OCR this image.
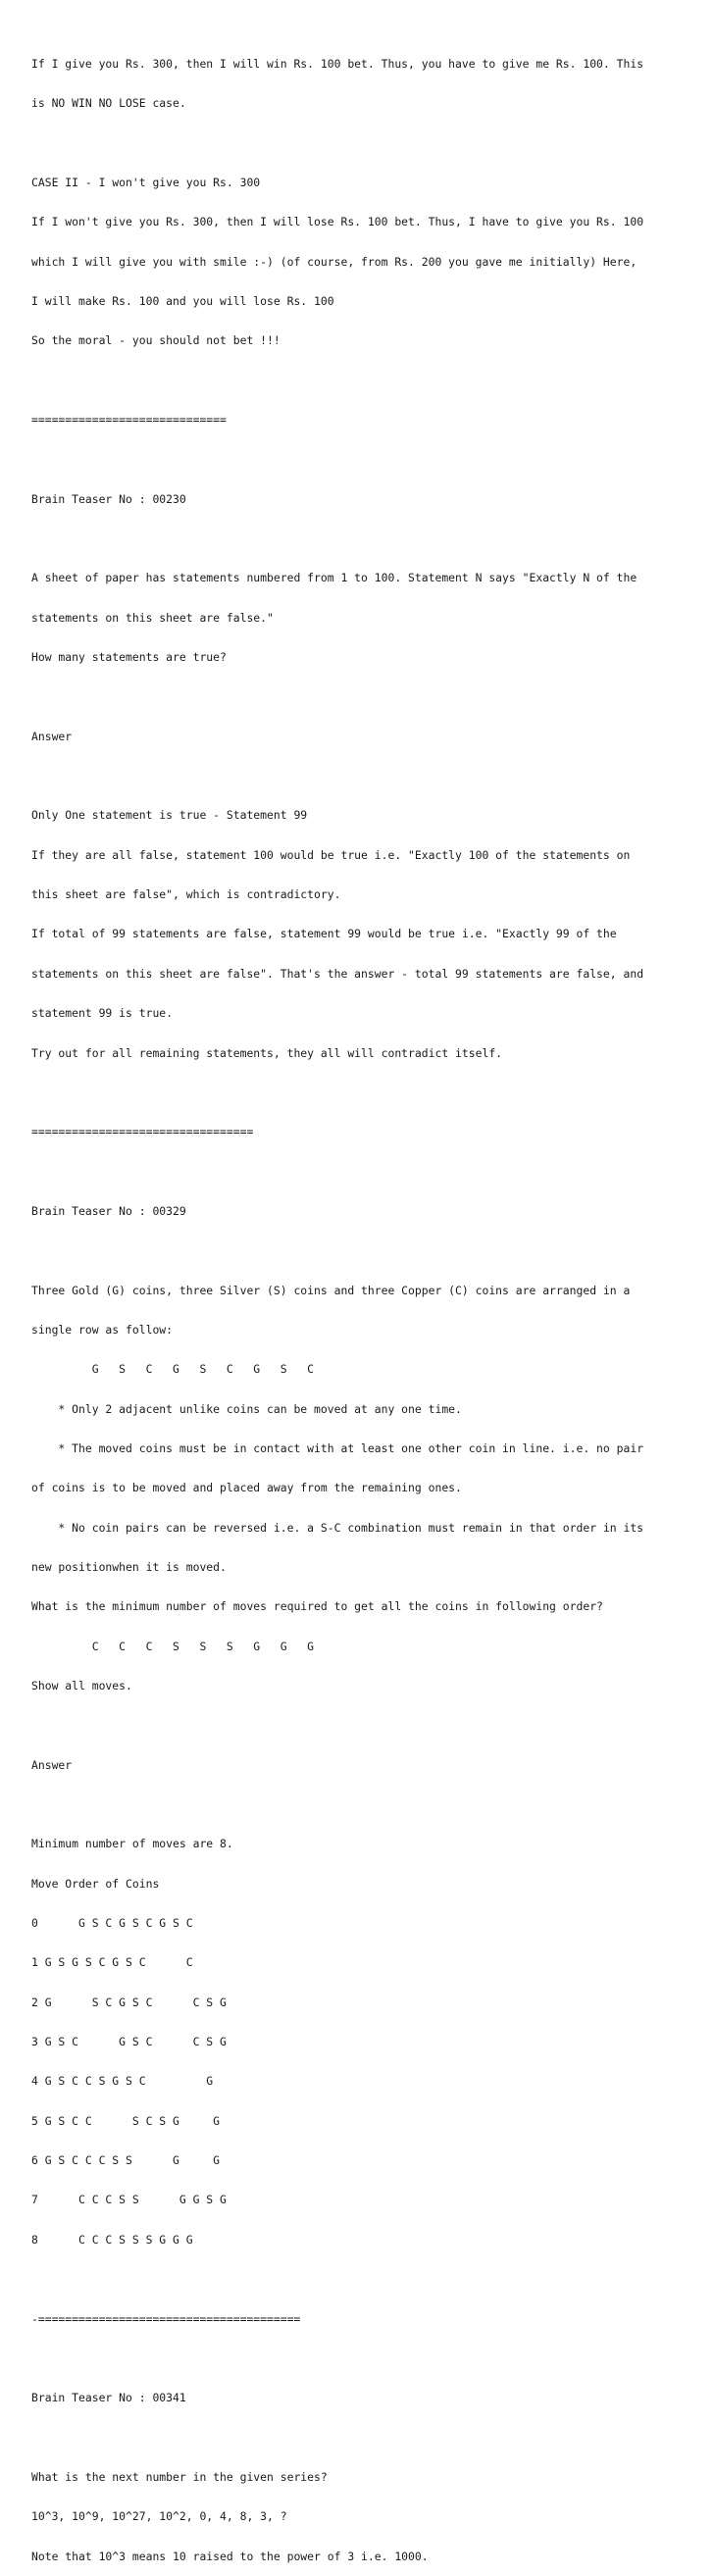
If I give you Rs. 300, then I will win Rs. 100 bet. Thus, you have to give me Rs. 100. This

is NO WIN NO LOSE case.

CASE II - I won't give you Rs. 300

If I won't give you Rs. 300, then I will lose Rs. 100 bet. Thus, I have to give you Rs. 100

which I will give you with smile :-) (of course, from Rs. 200 you gave me initially) Here,

I will make Rs. 100 and you will lose Rs. 100

So the moral - you should not bet !!!

=============================

Brain Teaser No : 00230

A sheet of paper has statements numbered from 1 to 100. Statement N says "Exactly N of the

statements on this sheet are false."

How many statements are true?

Answer

Only One statement is true - Statement 99

If they are all false, statement 100 would be true i.e. "Exactly 100 of the statements on

this sheet are false", which is contradictory.

If total of 99 statements are false, statement 99 would be true i.e. "Exactly 99 of the

statements on this sheet are false". That's the answer - total 99 statements are false, and

statement 99 is true.

Try out for all remaining statements, they all will contradict itself.

=================================

Brain Teaser No : 00329

Three Gold (G) coins, three Silver (S) coins and three Copper (C) coins are arranged in a

single row as follow:

G   S   C   G   S   C   G   S   C

* Only 2 adjacent unlike coins can be moved at any one time.

* The moved coins must be in contact with at least one other coin in line. i.e. no pair

of coins is to be moved and placed away from the remaining ones.

* No coin pairs can be reversed i.e. a S-C combination must remain in that order in its

new positionwhen it is moved.

What is the minimum number of moves required to get all the coins in following order?

C   C   C   S   S   S   G   G   G

Show all moves.

Answer

Minimum number of moves are 8.

Move Order of Coins

0      G S C G S C G S C

1 G S G S C G S C      C

2 G      S C G S C      C S G

3 G S C      G S C      C S G

4 G S C C S G S C         G

5 G S C C      S C S G     G

6 G S C C C S S      G     G

7      C C C S S      G G S G

8      C C C S S S G G G

-=======================================

Brain Teaser No : 00341

What is the next number in the given series?

10^3, 10^9, 10^27, 10^2, 0, 4, 8, 3, ?

Note that 10^3 means 10 raised to the power of 3 i.e. 1000.
